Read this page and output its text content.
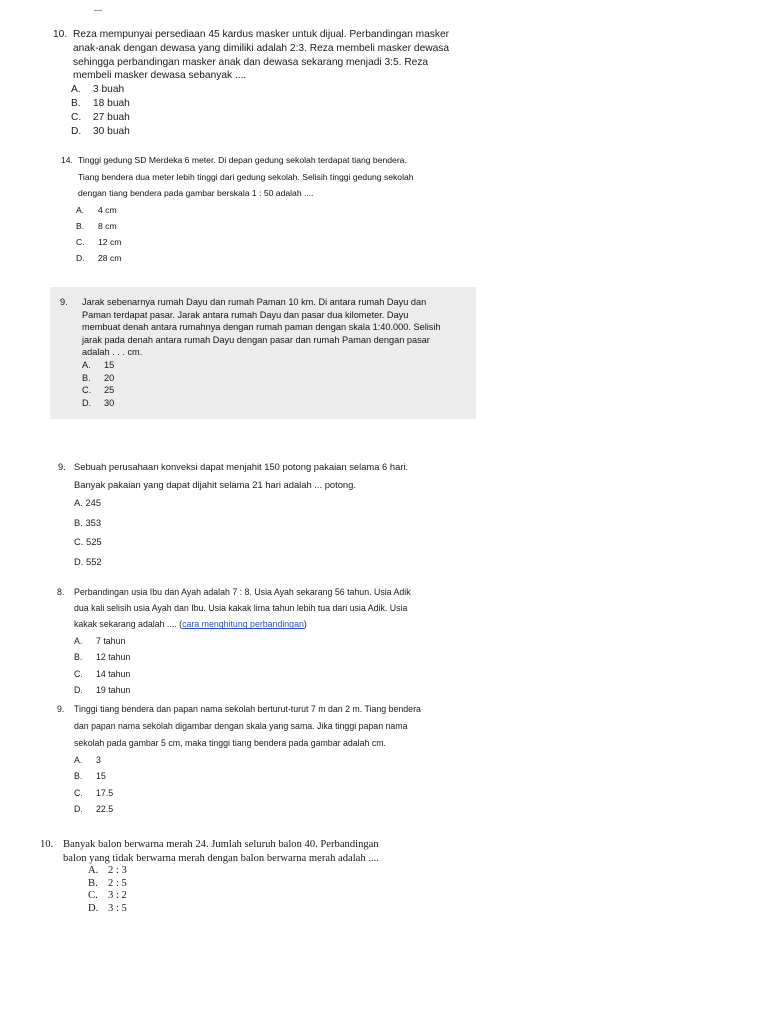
10. Reza mempunyai persediaan 45 kardus masker untuk dijual. Perbandingan masker

anak-anak dengan dewasa yang dimiliki adalah 2:3. Reza membeli masker dewasa

sehingga perbandingan masker anak dan dewasa sekarang menjadi 3:5. Reza

membeli masker dewasa sebanyak ....

A.	3 buah
B.	18 buah
C.	27 buah
D.	30 buah
14. Tinggi gedung SD Merdeka 6 meter. Di depan gedung sekolah terdapat tiang bendera.

Tiang bendera dua meter lebih tinggi dari gedung sekolah. Selisih tinggi gedung sekolah

dengan tiang bendera pada gambar berskala 1 : 50 adalah ....

A.	4 cm
B.	8 cm
C.	12 cm
D.	28 cm
9. Jarak sebenarnya rumah Dayu dan rumah Paman 10 km. Di antara rumah Dayu dan

Paman terdapat pasar. Jarak antara rumah Dayu dan pasar dua kilometer. Dayu

membuat denah antara rumahnya dengan rumah paman dengan skala 1:40.000. Selisih

jarak pada denah antara rumah Dayu dengan pasar dan rumah Paman dengan pasar

adalah . . . cm.

A.	15
B.	20
C.	25
D.	30
9. Sebuah perusahaan konveksi dapat menjahit 150 potong pakaian selama 6 hari.

Banyak pakaian yang dapat dijahit selama 21 hari adalah ... potong.

A. 245
B. 353
C. 525
D. 552
8. Perbandingan usia Ibu dan Ayah adalah 7 : 8. Usia Ayah sekarang 56 tahun. Usia Adik

dua kali selisih usia Ayah dan Ibu. Usia kakak lima tahun lebih tua dari usia Adik. Usia

kakak sekarang adalah .... (cara menghitung perbandingan)

A.	7 tahun
B.	12 tahun
C.	14 tahun
D.	19 tahun
9. Tinggi tiang bendera dan papan nama sekolah berturut-turut 7 m dan 2 m. Tiang bendera

dan papan nama sekolah digambar dengan skala yang sama. Jika tinggi papan nama

sekolah pada gambar 5 cm, maka tinggi tiang bendera pada gambar adalah cm.

A.	3
B.	15
C.	17.5
D.	22.5
10. Banyak balon berwarna merah 24. Jumlah seluruh balon 40. Perbandingan

balon yang tidak berwarna merah dengan balon berwarna merah adalah ....

A. 2 : 3
B. 2 : 5
C. 3 : 2
D. 3 : 5
